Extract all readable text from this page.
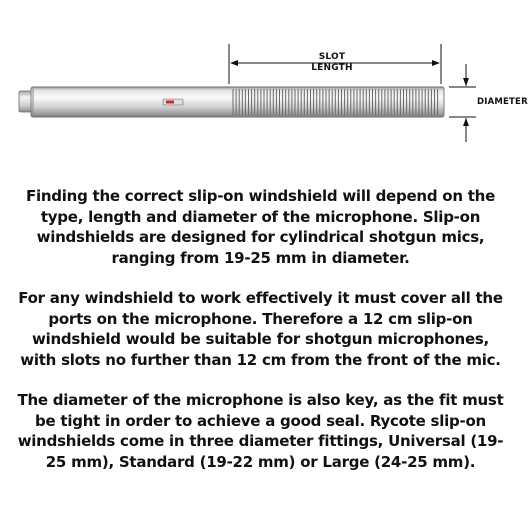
SLOT
LENGTH
DIAMETER

Finding the correct slip-on windshield will depend on the type, length and diameter of the microphone. Slip-on windshields are designed for cylindrical shotgun mics, ranging from 19-25 mm in diameter.

For any windshield to work effectively it must cover all the ports on the microphone. Therefore a 12 cm slip-on windshield would be suitable for shotgun microphones, with slots no further than 12 cm from the front of the mic.

The diameter of the microphone is also key, as the fit must be tight in order to achieve a good seal. Rycote slip-on windshields come in three diameter fittings, Universal (19-25 mm), Standard (19-22 mm) or Large (24-25 mm).
